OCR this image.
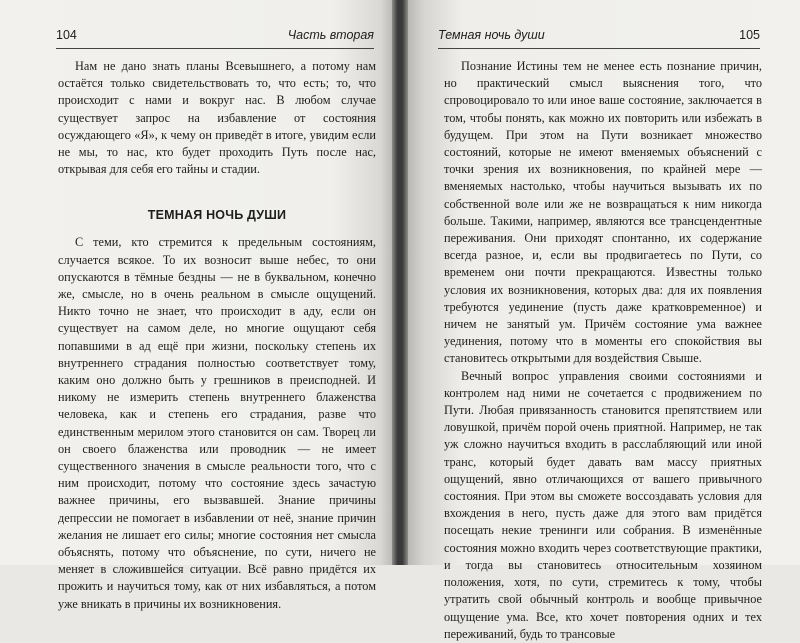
104	Часть вторая

Нам не дано знать планы Всевышнего, а потому нам остаётся только свидетельствовать то, что есть; то, что происходит с нами и вокруг нас. В любом случае существует запрос на избавление от состояния осуждающего «Я», к чему он приведёт в итоге, увидим если не мы, то нас, кто будет проходить Путь после нас, открывая для себя его тайны и стадии.

ТЕМНАЯ НОЧЬ ДУШИ

С теми, кто стремится к предельным состояниям, случается всякое. То их возносит выше небес, то они опускаются в тёмные бездны — не в буквальном, конечно же, смысле, но в очень реальном в смысле ощущений. Никто точно не знает, что происходит в аду, если он существует на самом деле, но многие ощущают себя попавшими в ад ещё при жизни, поскольку степень их внутреннего страдания полностью соответствует тому, каким оно должно быть у грешников в преисподней. И никому не измерить степень внутреннего блаженства человека, как и степень его страдания, разве что единственным мерилом этого становится он сам. Творец ли он своего блаженства или проводник — не имеет существенного значения в смысле реальности того, что с ним происходит, потому что состояние здесь зачастую важнее причины, его вызвавшей. Знание причины депрессии не помогает в избавлении от неё, знание причин желания не лишает его силы; многие состояния нет смысла объяснять, потому что объяснение, по сути, ничего не меняет в сложившейся ситуации. Всё равно придётся их прожить и научиться тому, как от них избавляться, а потом уже вникать в причины их возникновения.

Темная ночь души	105

Познание Истины тем не менее есть познание причин, но практический смысл выяснения того, что спровоцировало то или иное ваше состояние, заключается в том, чтобы понять, как можно их повторить или избежать в будущем. При этом на Пути возникает множество состояний, которые не имеют вменяемых объяснений с точки зрения их возникновения, по крайней мере — вменяемых настолько, чтобы научиться вызывать их по собственной воле или же не возвращаться к ним никогда больше. Такими, например, являются все трансцендентные переживания. Они приходят спонтанно, их содержание всегда разное, и, если вы продвигаетесь по Пути, со временем они почти прекращаются. Известны только условия их возникновения, которых два: для их появления требуются уединение (пусть даже кратковременное) и ничем не занятый ум. Причём состояние ума важнее уединения, потому что в моменты его спокойствия вы становитесь открытыми для воздействия Свыше.

Вечный вопрос управления своими состояниями и контролем над ними не сочетается с продвижением по Пути. Любая привязанность становится препятствием или ловушкой, причём порой очень приятной. Например, не так уж сложно научиться входить в расслабляющий или иной транс, который будет давать вам массу приятных ощущений, явно отличающихся от вашего привычного состояния. При этом вы сможете воссоздавать условия для вхождения в него, пусть даже для этого вам придётся посещать некие тренинги или собрания. В изменённые состояния можно входить через соответствующие практики, и тогда вы становитесь относительным хозяином положения, хотя, по сути, стремитесь к тому, чтобы утратить свой обычный контроль и вообще привычное ощущение ума. Все, кто хочет повторения одних и тех переживаний, будь то трансовые
